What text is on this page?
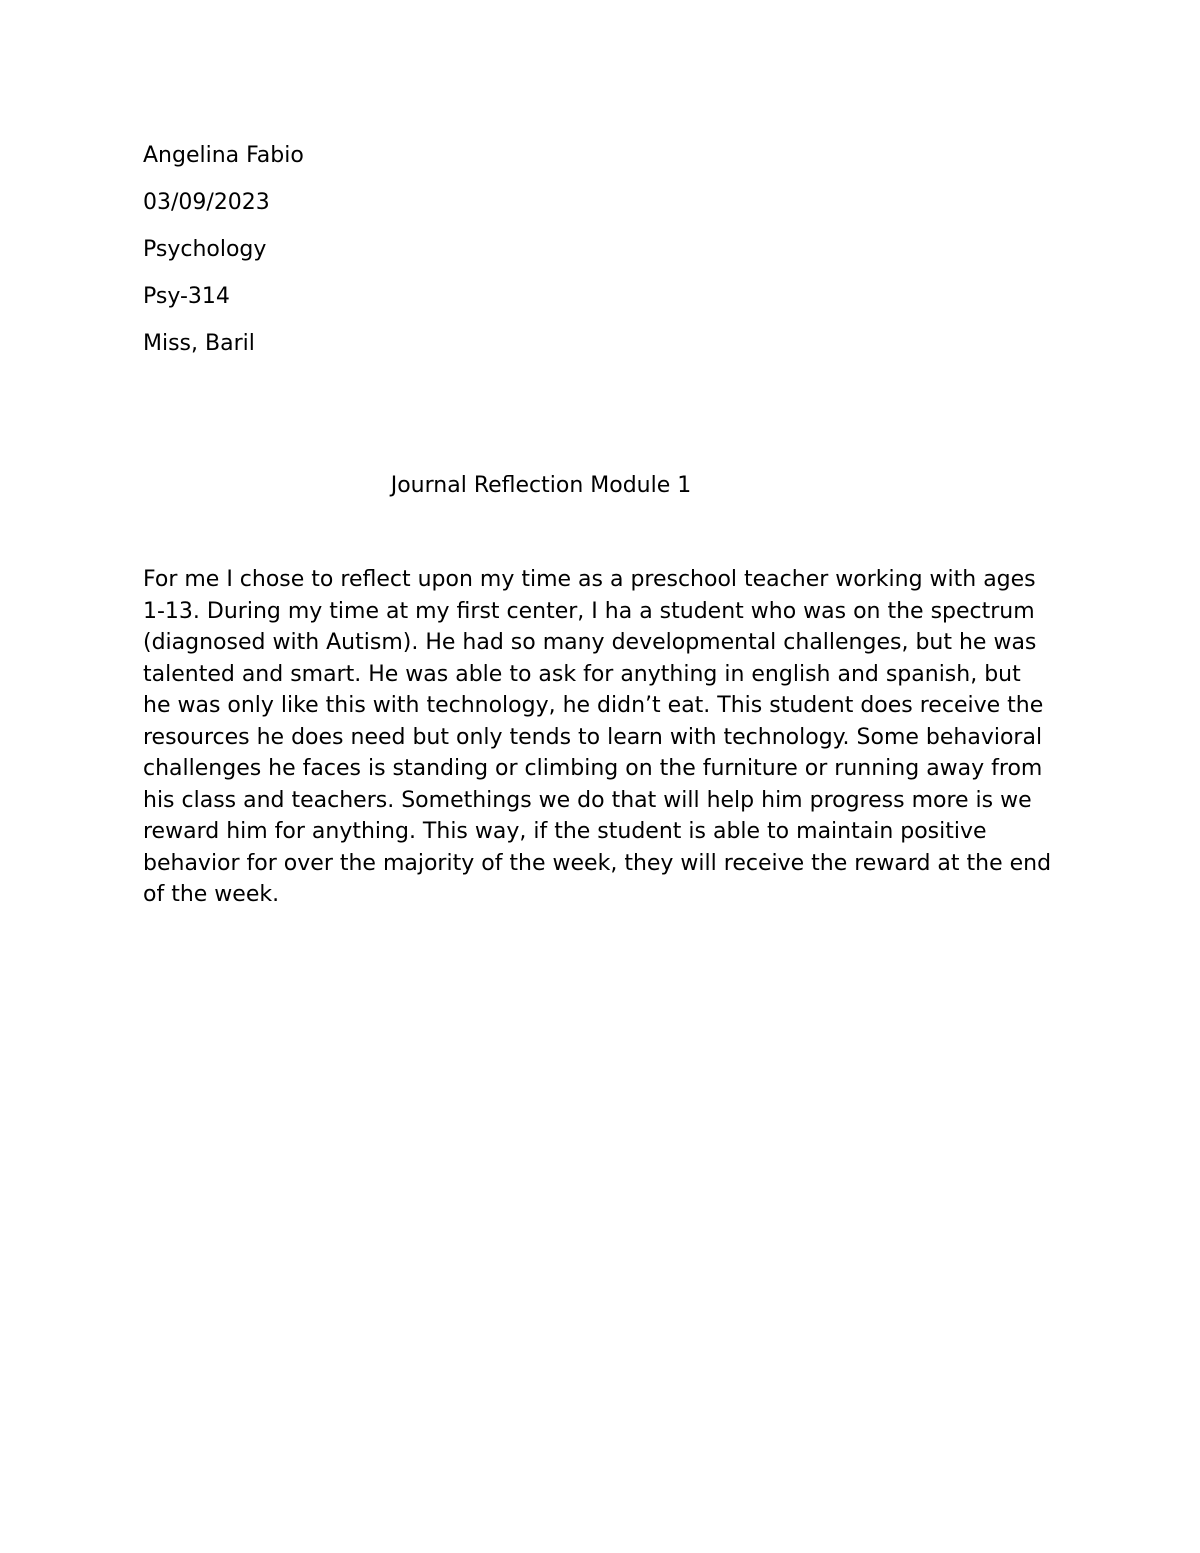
Angelina Fabio

03/09/2023

Psychology

Psy-314

Miss, Baril

Journal Reflection Module 1

For me I chose to reflect upon my time as a preschool teacher working with ages 1-13. During my time at my first center, I ha a student who was on the spectrum (diagnosed with Autism). He had so many developmental challenges, but he was talented and smart. He was able to ask for anything in english and spanish, but he was only like this with technology, he didn’t eat. This student does receive the resources he does need but only tends to learn with technology. Some behavioral challenges he faces is standing or climbing on the furniture or running away from his class and teachers. Somethings we do that will help him progress more is we reward him for anything. This way, if the student is able to maintain positive behavior for over the majority of the week, they will receive the reward at the end of the week.
